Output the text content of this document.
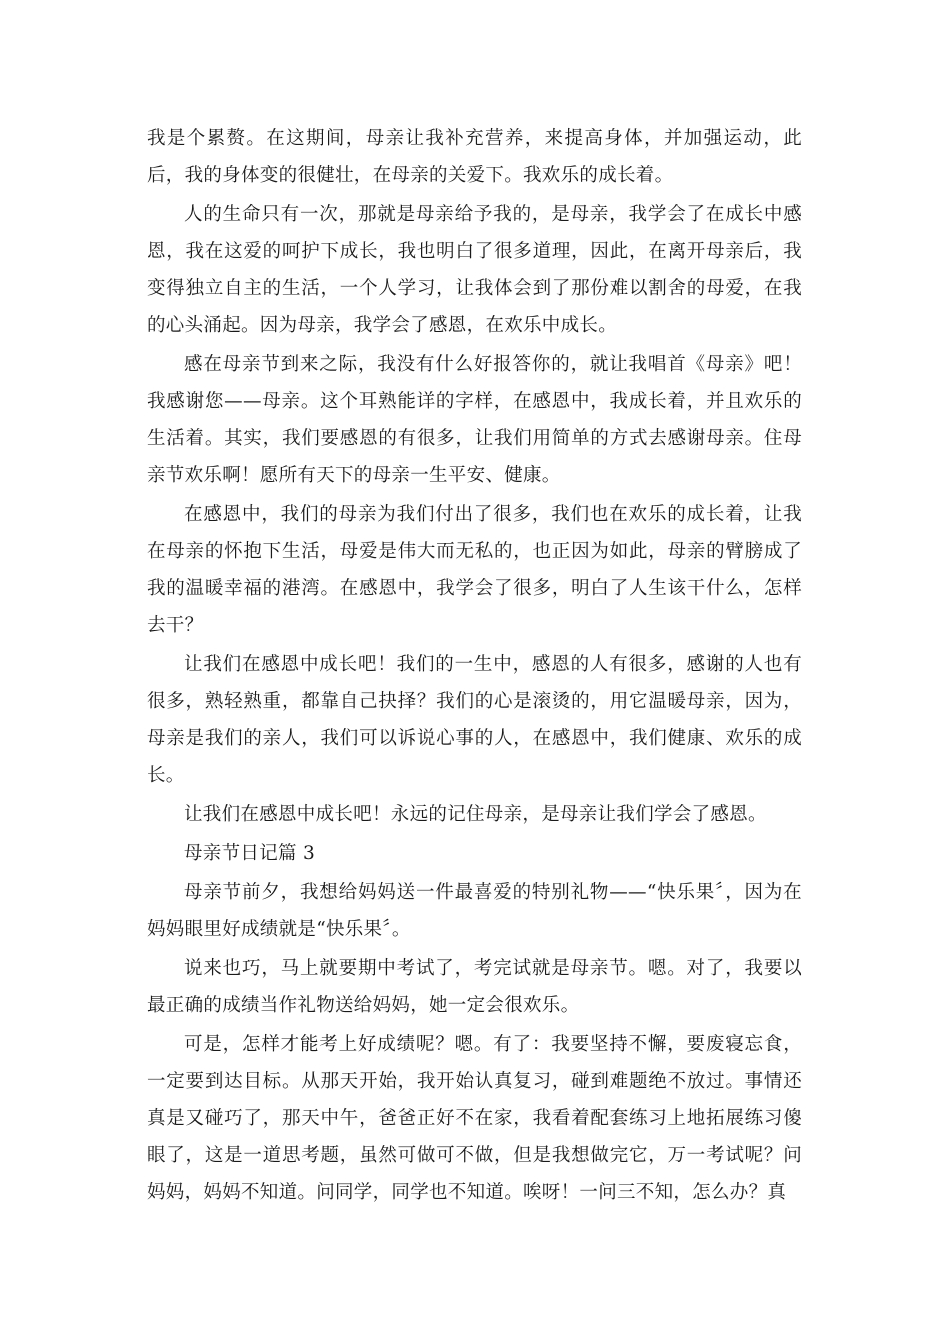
我是个累赘。在这期间，母亲让我补充营养，来提高身体，并加强运动，此后，我的身体变的很健壮，在母亲的关爱下。我欢乐的成长着。

人的生命只有一次，那就是母亲给予我的，是母亲，我学会了在成长中感恩，我在这爱的呵护下成长，我也明白了很多道理，因此，在离开母亲后，我变得独立自主的生活，一个人学习，让我体会到了那份难以割舍的母爱，在我的心头涌起。因为母亲，我学会了感恩，在欢乐中成长。

感在母亲节到来之际，我没有什么好报答你的，就让我唱首《母亲》吧！我感谢您——母亲。这个耳熟能详的字样，在感恩中，我成长着，并且欢乐的生活着。其实，我们要感恩的有很多，让我们用简单的方式去感谢母亲。住母亲节欢乐啊！愿所有天下的母亲一生平安、健康。

在感恩中，我们的母亲为我们付出了很多，我们也在欢乐的成长着，让我在母亲的怀抱下生活，母爱是伟大而无私的，也正因为如此，母亲的臂膀成了我的温暖幸福的港湾。在感恩中，我学会了很多，明白了人生该干什么，怎样去干？

让我们在感恩中成长吧！我们的一生中，感恩的人有很多，感谢的人也有很多，熟轻熟重，都靠自己抉择？我们的心是滚烫的，用它温暖母亲，因为，母亲是我们的亲人，我们可以诉说心事的人，在感恩中，我们健康、欢乐的成长。

让我们在感恩中成长吧！永远的记住母亲，是母亲让我们学会了感恩。

母亲节日记篇 3

母亲节前夕，我想给妈妈送一件最喜爱的特别礼物——“快乐果〞，因为在妈妈眼里好成绩就是“快乐果〞。

说来也巧，马上就要期中考试了，考完试就是母亲节。嗯。对了，我要以最正确的成绩当作礼物送给妈妈，她一定会很欢乐。

可是，怎样才能考上好成绩呢？嗯。有了：我要坚持不懈，要废寝忘食，一定要到达目标。从那天开始，我开始认真复习，碰到难题绝不放过。事情还真是又碰巧了，那天中午，爸爸正好不在家，我看着配套练习上地拓展练习傻眼了，这是一道思考题，虽然可做可不做，但是我想做完它，万一考试呢？问妈妈，妈妈不知道。问同学，同学也不知道。唉呀！一问三不知，怎么办？真
